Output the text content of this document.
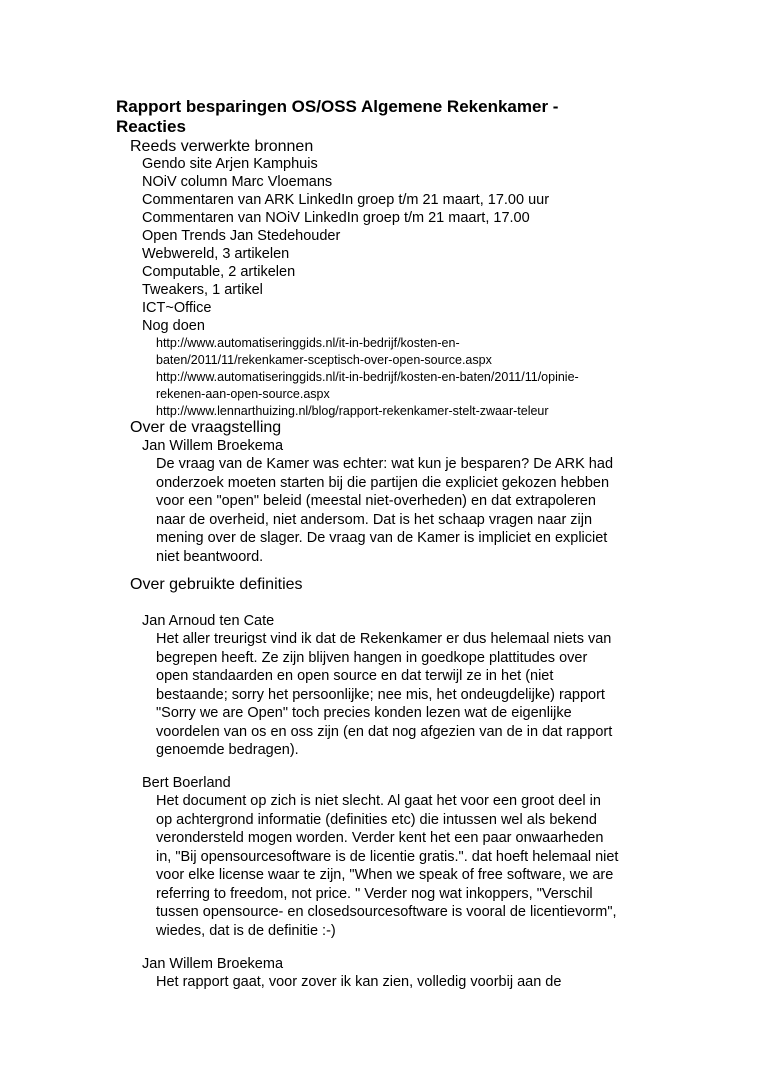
Rapport besparingen OS/OSS Algemene Rekenkamer -
Reacties
Reeds verwerkte bronnen
Gendo site Arjen Kamphuis
NOiV column Marc Vloemans
Commentaren van ARK LinkedIn groep t/m 21 maart, 17.00 uur
Commentaren van NOiV LinkedIn groep t/m 21 maart, 17.00
Open Trends Jan Stedehouder
Webwereld, 3 artikelen
Computable, 2 artikelen
Tweakers, 1 artikel
ICT~Office
Nog doen
http://www.automatiseringgids.nl/it-in-bedrijf/kosten-en-
baten/2011/11/rekenkamer-sceptisch-over-open-source.aspx
http://www.automatiseringgids.nl/it-in-bedrijf/kosten-en-baten/2011/11/opinie-
rekenen-aan-open-source.aspx
http://www.lennarthuizing.nl/blog/rapport-rekenkamer-stelt-zwaar-teleur
Over de vraagstelling
Jan Willem Broekema
De vraag van de Kamer was echter: wat kun je besparen? De ARK had
onderzoek moeten starten bij die partijen die expliciet gekozen hebben
voor een "open" beleid (meestal niet-overheden) en dat extrapoleren
naar de overheid, niet andersom. Dat is het schaap vragen naar zijn
mening over de slager. De vraag van de Kamer is impliciet en expliciet
niet beantwoord.
Over gebruikte definities
Jan Arnoud ten Cate
Het aller treurigst vind ik dat de Rekenkamer er dus helemaal niets van
begrepen heeft. Ze zijn blijven hangen in goedkope plattitudes over
open standaarden en open source en dat terwijl ze in het (niet
bestaande; sorry het persoonlijke; nee mis, het ondeugdelijke) rapport
"Sorry we are Open" toch precies konden lezen wat de eigenlijke
voordelen van os en oss zijn (en dat nog afgezien van de in dat rapport
genoemde bedragen).
Bert Boerland
Het document op zich is niet slecht. Al gaat het voor een groot deel in
op achtergrond informatie (definities etc) die intussen wel als bekend
verondersteld mogen worden. Verder kent het een paar onwaarheden
in, "Bij opensourcesoftware is de licentie gratis.". dat hoeft helemaal niet
voor elke license waar te zijn, "When we speak of free software, we are
referring to freedom, not price. " Verder nog wat inkoppers, "Verschil
tussen opensource- en closedsourcesoftware is vooral de licentievorm",
wiedes, dat is de definitie :-)
Jan Willem Broekema
Het rapport gaat, voor zover ik kan zien, volledig voorbij aan de
